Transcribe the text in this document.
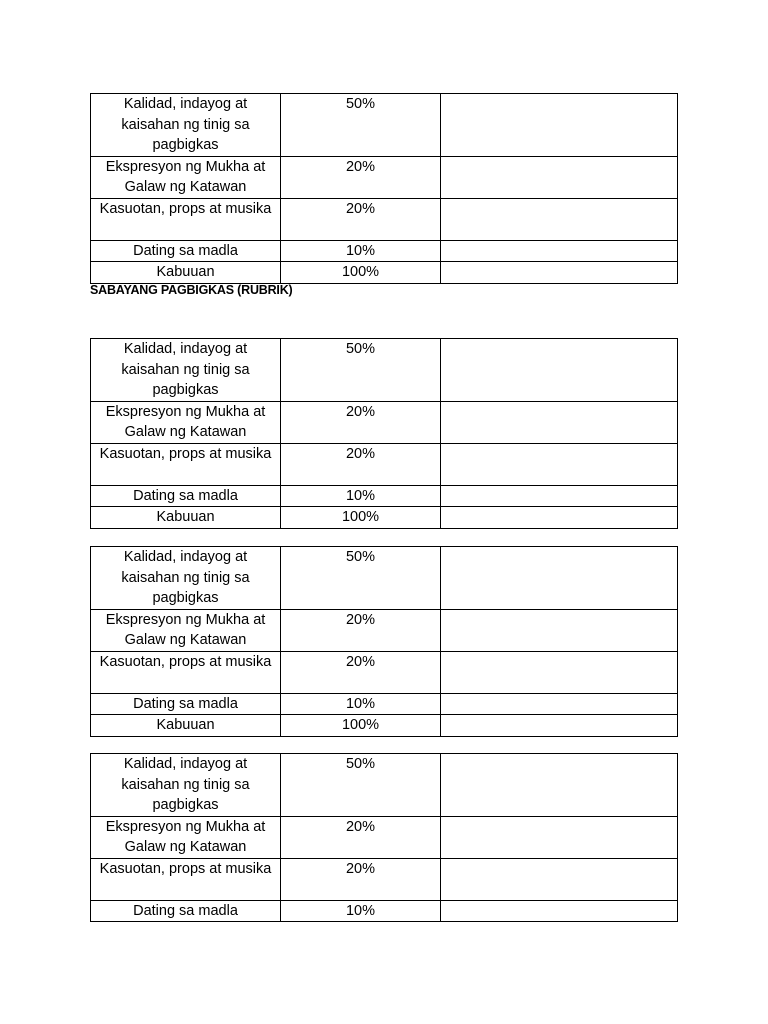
Kalidad, indayog at kaisahan ng tinig sa pagbigkas	50%	
Ekspresyon ng Mukha at Galaw ng Katawan	20%	
Kasuotan, props at musika	20%	
Dating sa madla	10%	
Kabuuan	100%	
SABAYANG PAGBIGKAS (RUBRIK)
Kalidad, indayog at kaisahan ng tinig sa pagbigkas	50%	
Ekspresyon ng Mukha at Galaw ng Katawan	20%	
Kasuotan, props at musika	20%	
Dating sa madla	10%	
Kabuuan	100%	
Kalidad, indayog at kaisahan ng tinig sa pagbigkas	50%	
Ekspresyon ng Mukha at Galaw ng Katawan	20%	
Kasuotan, props at musika	20%	
Dating sa madla	10%	
Kabuuan	100%	
Kalidad, indayog at kaisahan ng tinig sa pagbigkas	50%	
Ekspresyon ng Mukha at Galaw ng Katawan	20%	
Kasuotan, props at musika	20%	
Dating sa madla	10%	
